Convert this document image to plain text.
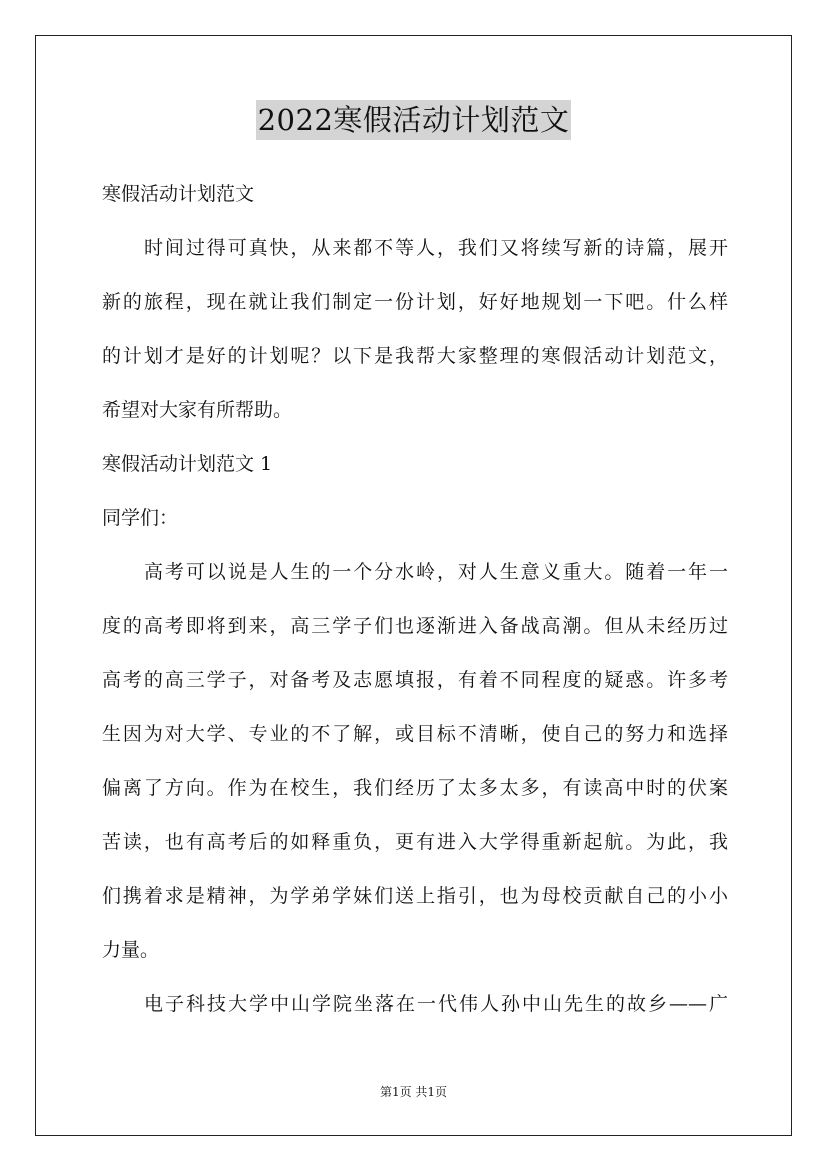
2022寒假活动计划范文
寒假活动计划范文
时间过得可真快，从来都不等人，我们又将续写新的诗篇，展开
新的旅程，现在就让我们制定一份计划，好好地规划一下吧。什么样
的计划才是好的计划呢？以下是我帮大家整理的寒假活动计划范文，
希望对大家有所帮助。
寒假活动计划范文 1
同学们：
高考可以说是人生的一个分水岭，对人生意义重大。随着一年一
度的高考即将到来，高三学子们也逐渐进入备战高潮。但从未经历过
高考的高三学子，对备考及志愿填报，有着不同程度的疑惑。许多考
生因为对大学、专业的不了解，或目标不清晰，使自己的努力和选择
偏离了方向。作为在校生，我们经历了太多太多，有读高中时的伏案
苦读，也有高考后的如释重负，更有进入大学得重新起航。为此，我
们携着求是精神，为学弟学妹们送上指引，也为母校贡献自己的小小
力量。
电子科技大学中山学院坐落在一代伟人孙中山先生的故乡——广
第1页 共1页
